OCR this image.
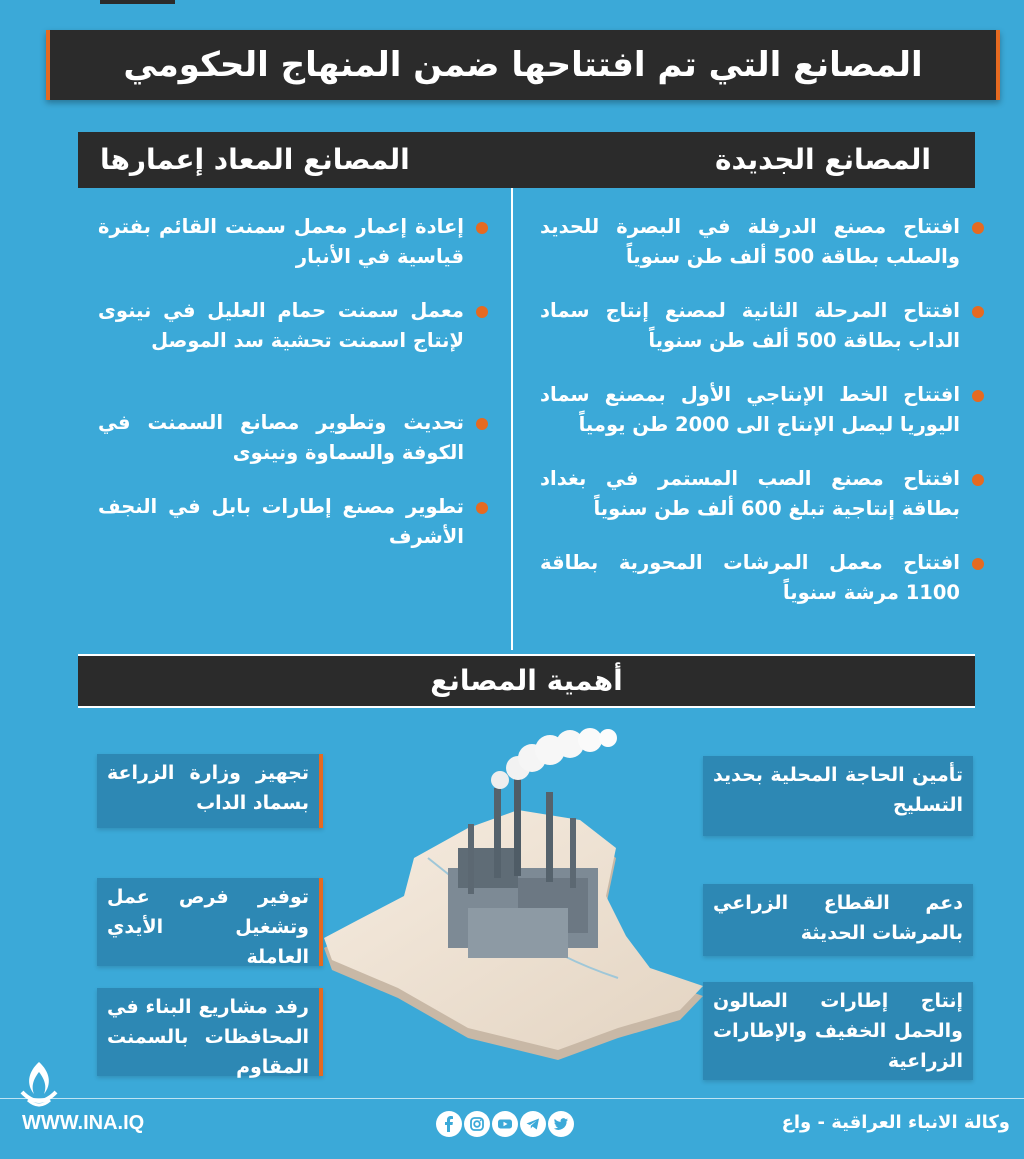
المصانع التي تم افتتاحها ضمن المنهاج الحكومي
المصانع الجديدة
المصانع المعاد إعمارها
افتتاح مصنع الدرفلة في البصرة للحديد والصلب بطاقة 500 ألف طن سنوياً
افتتاح المرحلة الثانية لمصنع إنتاج سماد الداب بطاقة 500 ألف طن سنوياً
افتتاح الخط الإنتاجي الأول بمصنع سماد اليوريا ليصل الإنتاج الى 2000 طن يومياً
افتتاح مصنع الصب المستمر في بغداد بطاقة إنتاجية تبلغ 600 ألف طن سنوياً
افتتاح معمل المرشات المحورية بطاقة 1100 مرشة سنوياً
إعادة إعمار معمل سمنت القائم بفترة قياسية في الأنبار
معمل سمنت حمام العليل في نينوى لإنتاج اسمنت تحشية سد الموصل
تحديث وتطوير مصانع السمنت في الكوفة والسماوة ونينوى
تطوير مصنع إطارات بابل في النجف الأشرف
أهمية المصانع
تجهيز وزارة الزراعة بسماد الداب
توفير فرص عمل وتشغيل الأيدي العاملة
رفد مشاريع البناء في المحافظات بالسمنت المقاوم
تأمين الحاجة المحلية بحديد التسليح
دعم القطاع الزراعي بالمرشات الحديثة
إنتاج إطارات الصالون والحمل الخفيف والإطارات الزراعية
WWW.INA.IQ	وكالة الانباء العراقية - واع
